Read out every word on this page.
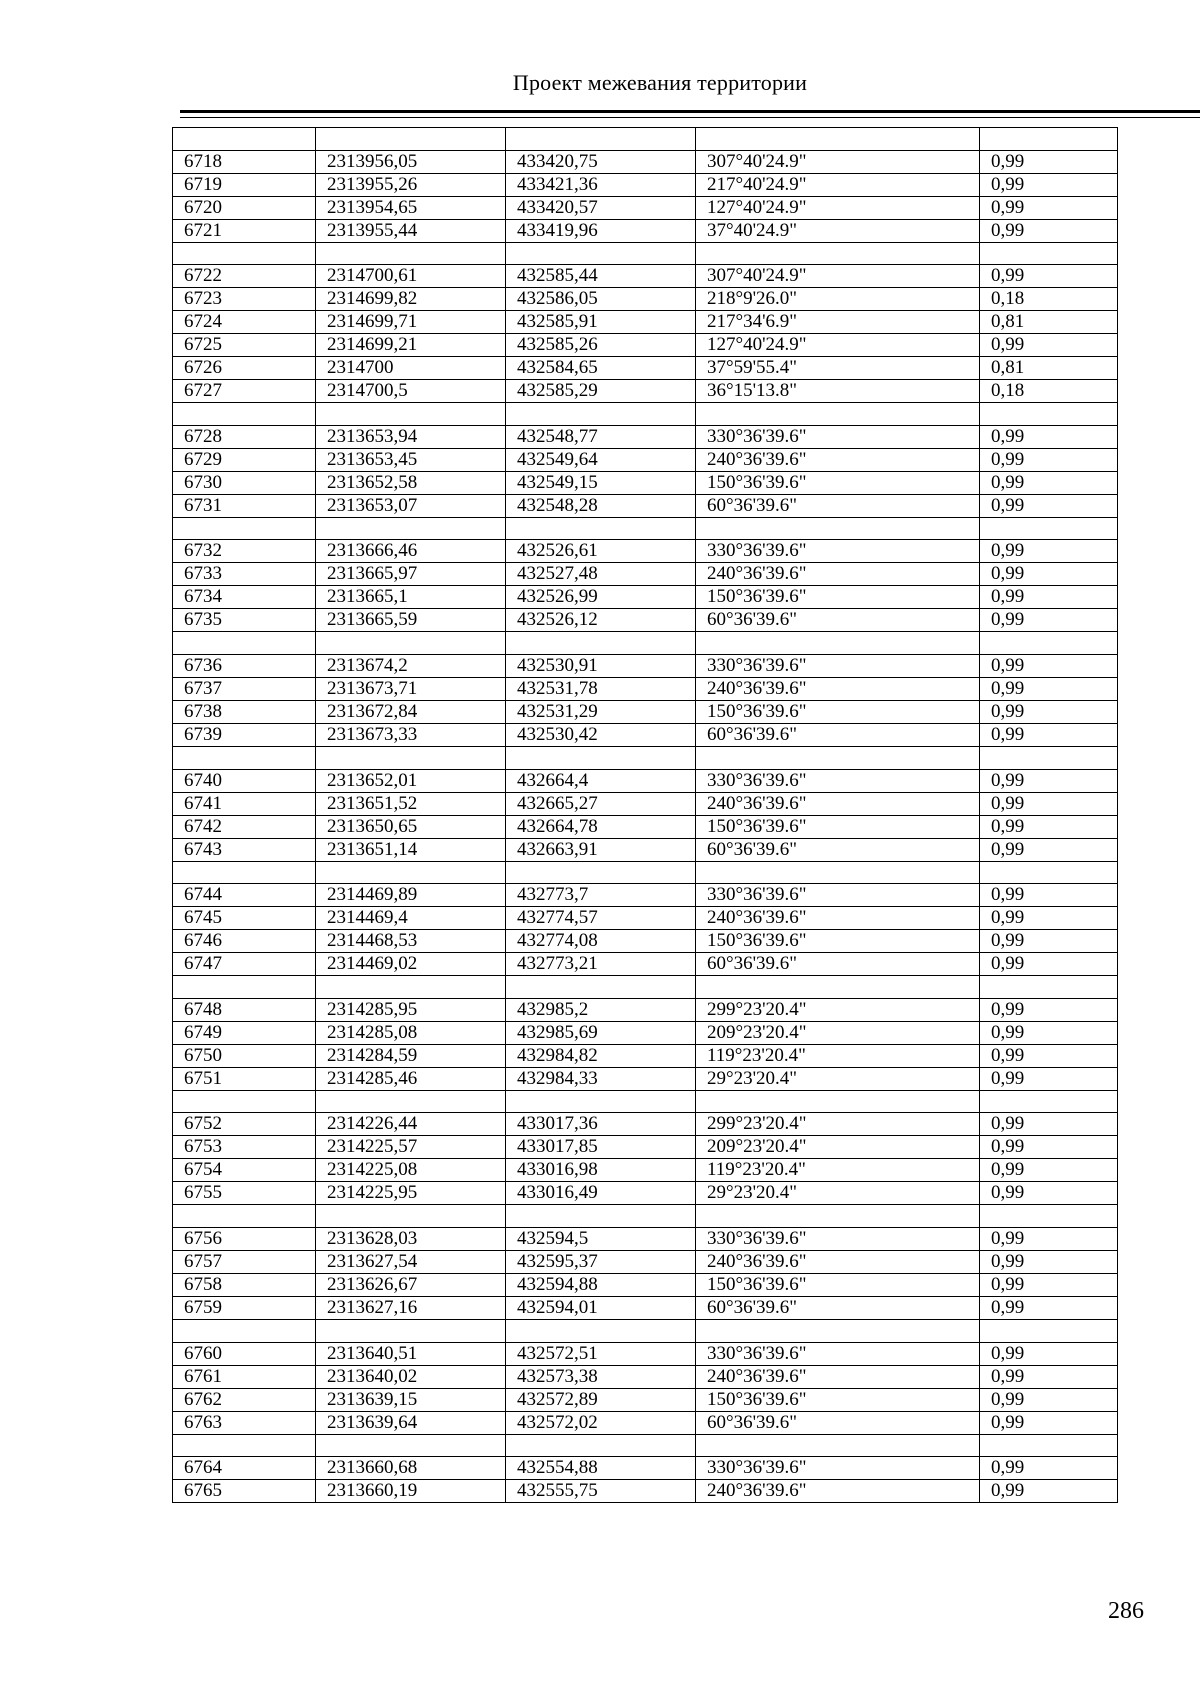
Проект межевания территории

6718	2313956,05	433420,75	307°40'24.9"	0,99
6719	2313955,26	433421,36	217°40'24.9"	0,99
6720	2313954,65	433420,57	127°40'24.9"	0,99
6721	2313955,44	433419,96	37°40'24.9"	0,99

6722	2314700,61	432585,44	307°40'24.9"	0,99
6723	2314699,82	432586,05	218°9'26.0"	0,18
6724	2314699,71	432585,91	217°34'6.9"	0,81
6725	2314699,21	432585,26	127°40'24.9"	0,99
6726	2314700	432584,65	37°59'55.4"	0,81
6727	2314700,5	432585,29	36°15'13.8"	0,18

6728	2313653,94	432548,77	330°36'39.6"	0,99
6729	2313653,45	432549,64	240°36'39.6"	0,99
6730	2313652,58	432549,15	150°36'39.6"	0,99
6731	2313653,07	432548,28	60°36'39.6"	0,99

6732	2313666,46	432526,61	330°36'39.6"	0,99
6733	2313665,97	432527,48	240°36'39.6"	0,99
6734	2313665,1	432526,99	150°36'39.6"	0,99
6735	2313665,59	432526,12	60°36'39.6"	0,99

6736	2313674,2	432530,91	330°36'39.6"	0,99
6737	2313673,71	432531,78	240°36'39.6"	0,99
6738	2313672,84	432531,29	150°36'39.6"	0,99
6739	2313673,33	432530,42	60°36'39.6"	0,99

6740	2313652,01	432664,4	330°36'39.6"	0,99
6741	2313651,52	432665,27	240°36'39.6"	0,99
6742	2313650,65	432664,78	150°36'39.6"	0,99
6743	2313651,14	432663,91	60°36'39.6"	0,99

6744	2314469,89	432773,7	330°36'39.6"	0,99
6745	2314469,4	432774,57	240°36'39.6"	0,99
6746	2314468,53	432774,08	150°36'39.6"	0,99
6747	2314469,02	432773,21	60°36'39.6"	0,99

6748	2314285,95	432985,2	299°23'20.4"	0,99
6749	2314285,08	432985,69	209°23'20.4"	0,99
6750	2314284,59	432984,82	119°23'20.4"	0,99
6751	2314285,46	432984,33	29°23'20.4"	0,99

6752	2314226,44	433017,36	299°23'20.4"	0,99
6753	2314225,57	433017,85	209°23'20.4"	0,99
6754	2314225,08	433016,98	119°23'20.4"	0,99
6755	2314225,95	433016,49	29°23'20.4"	0,99

6756	2313628,03	432594,5	330°36'39.6"	0,99
6757	2313627,54	432595,37	240°36'39.6"	0,99
6758	2313626,67	432594,88	150°36'39.6"	0,99
6759	2313627,16	432594,01	60°36'39.6"	0,99

6760	2313640,51	432572,51	330°36'39.6"	0,99
6761	2313640,02	432573,38	240°36'39.6"	0,99
6762	2313639,15	432572,89	150°36'39.6"	0,99
6763	2313639,64	432572,02	60°36'39.6"	0,99

6764	2313660,68	432554,88	330°36'39.6"	0,99
6765	2313660,19	432555,75	240°36'39.6"	0,99
286
